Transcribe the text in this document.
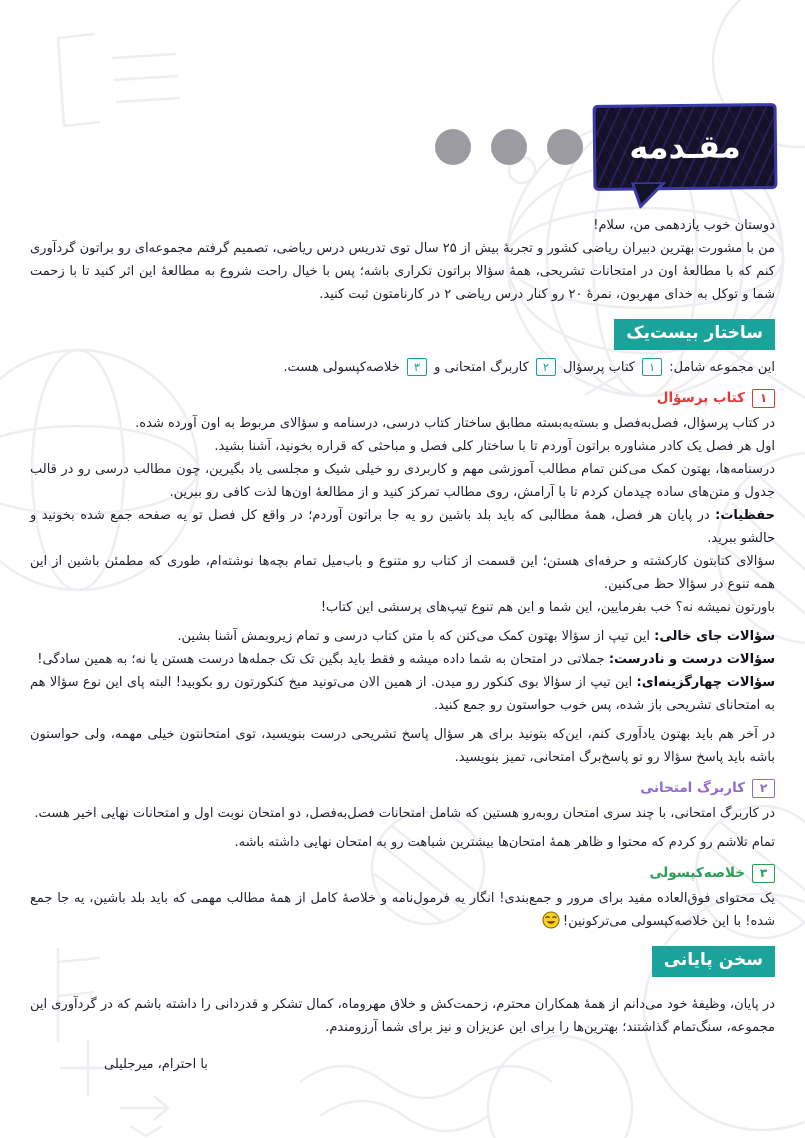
مقـدمه

دوستان خوب یازدهمی من، سلام!

من با مشورت بهترین دبیران ریاضی کشور و تجربۀ بیش از ۲۵ سال توی تدریس درس ریاضی، تصمیم گرفتم مجموعه‌ای رو براتون گردآوری کنم که با مطالعۀ اون در امتحانات تشریحی، همۀ سؤالا براتون تکراری باشه؛ پس با خیال راحت شروع به مطالعۀ این اثر کنید تا با زحمت شما و توکل به خدای مهربون، نمرۀ ۲۰ رو کنار درس ریاضی ۲ در کارنامتون ثبت کنید.

ساختار بیست‌یک

این مجموعه شامل: ۱ کتاب پرسؤال ۲ کاربرگ امتحانی و ۳ خلاصه‌کپسولی هست.

۱
کتاب پرسؤال

در کتاب پرسؤال، فصل‌به‌فصل و بسته‌به‌بسته مطابق ساختار کتاب درسی، درسنامه و سؤالای مربوط به اون آورده شده.

اول هر فصل یک کادر مشاوره براتون آوردم تا با ساختار کلی فصل و مباحثی که قراره بخونید، آشنا بشید.

درسنامه‌ها، بهتون کمک می‌کنن تمام مطالب آموزشی مهم و کاربردی رو خیلی شیک و مجلسی یاد بگیرین، چون مطالب درسی رو در قالب جدول و متن‌های ساده چیدمان کردم تا با آرامش، روی مطالب تمرکز کنید و از مطالعۀ اون‌ها لذت کافی رو ببرین.

حفظیات: در پایان هر فصل، همۀ مطالبی که باید بلد باشین رو یه جا براتون آوردم؛ در واقع کل فصل تو یه صفحه جمع شده بخونید و حالشو ببرید.

سؤالای کتابتون کارکشته و حرفه‌ای هستن؛ این قسمت از کتاب رو متنوع و باب‌میل تمام بچه‌ها نوشته‌ام، طوری که مطمئن باشین از این همه تنوع در سؤالا حظ می‌کنین.

باورتون نمیشه نه؟ خب بفرمایین، این شما و این هم تنوع تیپ‌های پرسشی این کتاب!

سؤالات جای خالی: این تیپ از سؤالا بهتون کمک می‌کنن که با متن کتاب درسی و تمام زیروبمش آشنا بشین.

سؤالات درست و نادرست: جملاتی در امتحان به شما داده میشه و فقط باید بگین تک تک جمله‌ها درست هستن یا نه؛ به همین سادگی!

سؤالات چهارگزینه‌ای: این تیپ از سؤالا بوی کنکور رو میدن. از همین الان می‌تونید میخ کنکورتون رو بکوبید! البته پای این نوع سؤالا هم به امتحانای تشریحی باز شده، پس خوب حواستون رو جمع کنید.

در آخر هم باید بهتون یادآوری کنم، این‌که بتونید برای هر سؤال پاسخ تشریحی درست بنویسید، توی امتحانتون خیلی مهمه، ولی حواستون باشه باید پاسخ سؤالا رو تو پاسخ‌برگ امتحانی، تمیز بنویسید.

۲
کاربرگ امتحانی

در کاربرگ امتحانی، با چند سری امتحان روبه‌رو هستین که شامل امتحانات فصل‌به‌فصل، دو امتحان نوبت اول و امتحانات نهایی اخیر هست.

تمام تلاشم رو کردم که محتوا و ظاهر همۀ امتحان‌ها بیشترین شباهت رو به امتحان نهایی داشته باشه.

۳
خلاصه‌کپسولی

یک محتوای فوق‌العاده مفید برای مرور و جمع‌بندی! انگار یه فرمول‌نامه و خلاصۀ کامل از همۀ مطالب مهمی که باید بلد باشین، یه جا جمع شده! با این خلاصه‌کپسولی می‌ترکونین!

سخن پایانی

در پایان، وظیفۀ خود می‌دانم از همۀ همکاران محترم، زحمت‌کش و خلاق مهروماه، کمال تشکر و قدردانی را داشته باشم که در گردآوری این مجموعه، سنگ‌تمام گذاشتند؛ بهترین‌ها را برای این عزیزان و نیز برای شما آرزومندم.

با احترام، میرجلیلی
